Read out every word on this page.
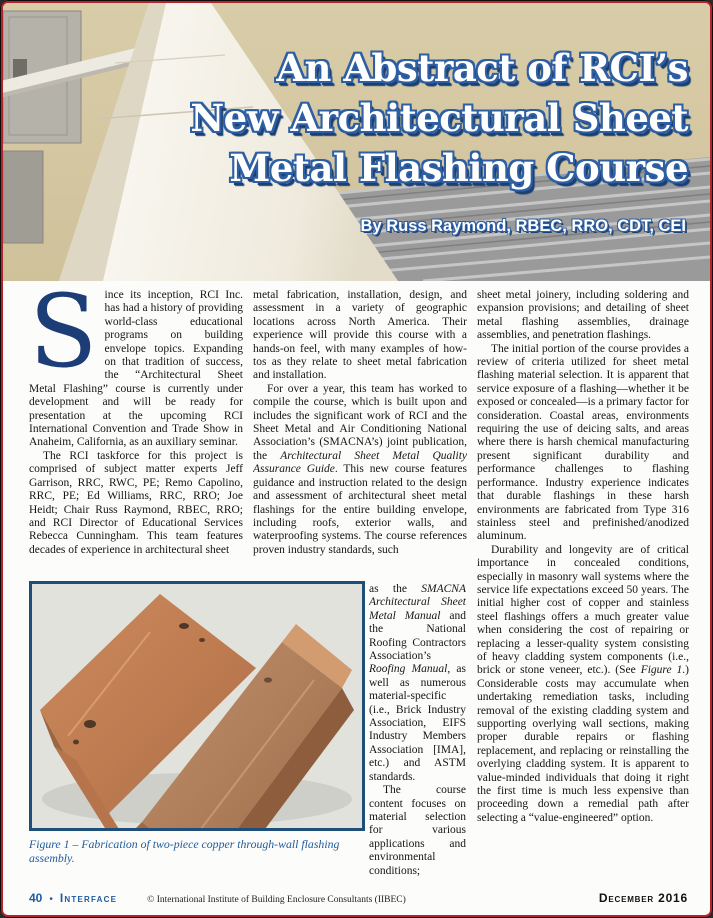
An Abstract of RCI’s
New Architectural Sheet
Metal Flashing Course
By Russ Raymond, RBEC, RRO, CDT, CEI

Since its inception, RCI Inc. has had a history of providing world-class educational programs on building envelope topics. Expanding on that tradition of success, the “Architectural Sheet Metal Flashing” course is currently under development and will be ready for presentation at the upcoming RCI International Convention and Trade Show in Anaheim, California, as an auxiliary seminar.

The RCI taskforce for this project is comprised of subject matter experts Jeff Garrison, RRC, RWC, PE; Remo Capolino, RRC, PE; Ed Williams, RRC, RRO; Joe Heidt; Chair Russ Raymond, RBEC, RRO; and RCI Director of Educational Services Rebecca Cunningham. This team features decades of experience in architectural sheet

metal fabrication, installation, design, and assessment in a variety of geographic locations across North America. Their experience will provide this course with a hands-on feel, with many examples of how-tos as they relate to sheet metal fabrication and installation.

For over a year, this team has worked to compile the course, which is built upon and includes the significant work of RCI and the Sheet Metal and Air Conditioning National Association’s (SMACNA’s) joint publication, the Architectural Sheet Metal Quality Assurance Guide. This new course features guidance and instruction related to the design and assessment of architectural sheet metal flashings for the entire building envelope, including roofs, exterior walls, and waterproofing systems. The course references proven industry standards, such

as the SMACNA Architectural Sheet Metal Manual and the National Roofing Contractors Association’s Roofing Manual, as well as numerous material-specific (i.e., Brick Industry Association, EIFS Industry Members Association [IMA], etc.) and ASTM standards.

The course content focuses on material selection for various applications and environmental conditions;

sheet metal joinery, including soldering and expansion provisions; and detailing of sheet metal flashing assemblies, drainage assemblies, and penetration flashings.

The initial portion of the course provides a review of criteria utilized for sheet metal flashing material selection. It is apparent that service exposure of a flashing—whether it be exposed or concealed—is a primary factor for consideration. Coastal areas, environments requiring the use of deicing salts, and areas where there is harsh chemical manufacturing present significant durability and performance challenges to flashing performance. Industry experience indicates that durable flashings in these harsh environments are fabricated from Type 316 stainless steel and prefinished/anodized aluminum.

Durability and longevity are of critical importance in concealed conditions, especially in masonry wall systems where the service life expectations exceed 50 years. The initial higher cost of copper and stainless steel flashings offers a much greater value when considering the cost of repairing or replacing a lesser-quality system consisting of heavy cladding system components (i.e., brick or stone veneer, etc.). (See Figure 1.) Considerable costs may accumulate when undertaking remediation tasks, including removal of the existing cladding system and supporting overlying wall sections, making proper durable repairs or flashing replacement, and replacing or reinstalling the overlying cladding system. It is apparent to value-minded individuals that doing it right the first time is much less expensive than proceeding down a remedial path after selecting a “value-engineered” option.

Figure 1 – Fabrication of two-piece copper through-wall flashing assembly.
40 • Interface	© International Institute of Building Enclosure Consultants (IIBEC)	December 2016
